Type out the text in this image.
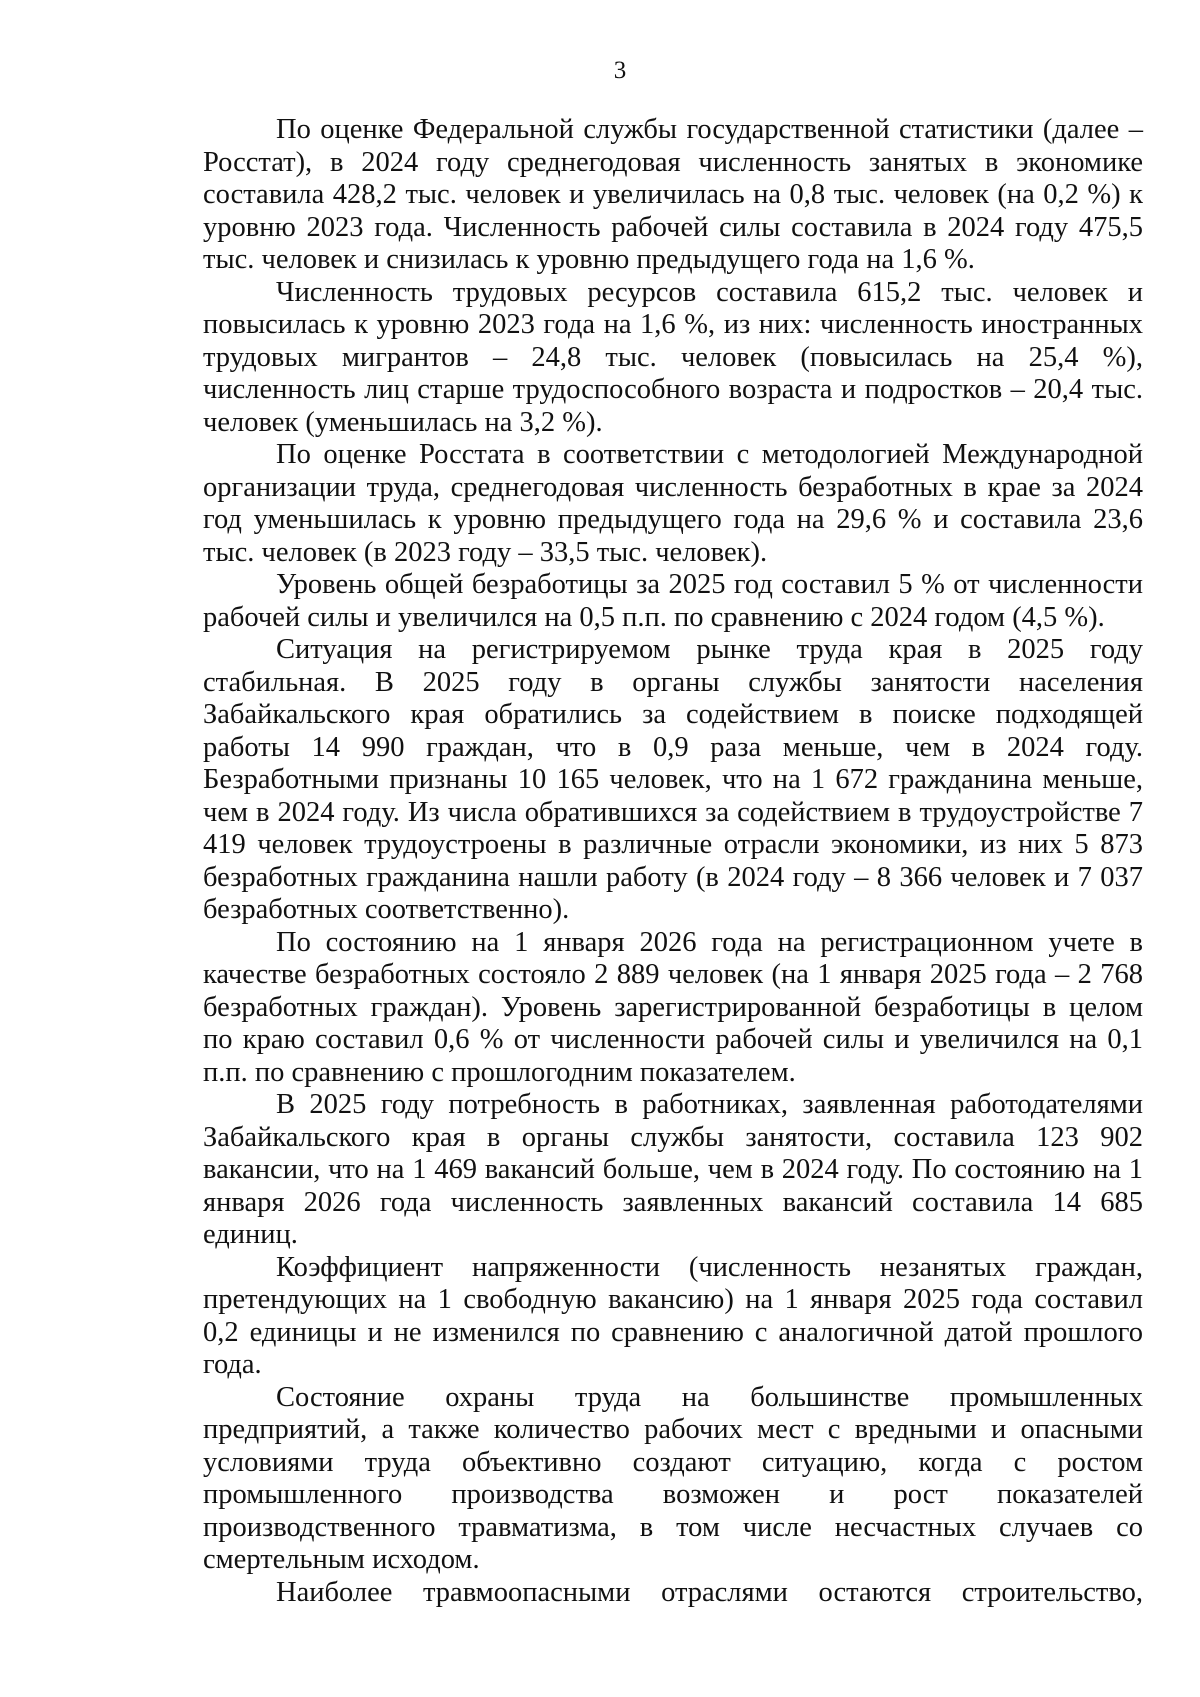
3

По оценке Федеральной службы государственной статистики (далее – Росстат), в 2024 году среднегодовая численность занятых в экономике составила 428,2 тыс. человек и увеличилась на 0,8 тыс. человек (на 0,2 %) к уровню 2023 года. Численность рабочей силы составила в 2024 году 475,5 тыс. человек и снизилась к уровню предыдущего года на 1,6 %.

Численность трудовых ресурсов составила 615,2 тыс. человек и повысилась к уровню 2023 года на 1,6 %, из них: численность иностранных трудовых мигрантов – 24,8 тыс. человек (повысилась на 25,4 %), численность лиц старше трудоспособного возраста и подростков – 20,4 тыс. человек (уменьшилась на 3,2 %).

По оценке Росстата в соответствии с методологией Международной организации труда, среднегодовая численность безработных в крае за 2024 год уменьшилась к уровню предыдущего года на 29,6 % и составила 23,6 тыс. человек (в 2023 году – 33,5 тыс. человек).

Уровень общей безработицы за 2025 год составил 5 % от численности рабочей силы и увеличился на 0,5 п.п. по сравнению с 2024 годом (4,5 %).

Ситуация на регистрируемом рынке труда края в 2025 году стабильная. В 2025 году в органы службы занятости населения Забайкальского края обратились за содействием в поиске подходящей работы 14 990 граждан, что в 0,9 раза меньше, чем в 2024 году. Безработными признаны 10 165 человек, что на 1 672 гражданина меньше, чем в 2024 году. Из числа обратившихся за содействием в трудоустройстве 7 419 человек трудоустроены в различные отрасли экономики, из них 5 873 безработных гражданина нашли работу (в 2024 году – 8 366 человек и 7 037 безработных соответственно).

По состоянию на 1 января 2026 года на регистрационном учете в качестве безработных состояло 2 889 человек (на 1 января 2025 года – 2 768 безработных граждан). Уровень зарегистрированной безработицы в целом по краю составил 0,6 % от численности рабочей силы и увеличился на 0,1 п.п. по сравнению с прошлогодним показателем.

В 2025 году потребность в работниках, заявленная работодателями Забайкальского края в органы службы занятости, составила 123 902 вакансии, что на 1 469 вакансий больше, чем в 2024 году. По состоянию на 1 января 2026 года численность заявленных вакансий составила 14 685 единиц.

Коэффициент напряженности (численность незанятых граждан, претендующих на 1 свободную вакансию) на 1 января 2025 года составил 0,2 единицы и не изменился по сравнению с аналогичной датой прошлого года.

Состояние охраны труда на большинстве промышленных предприятий, а также количество рабочих мест с вредными и опасными условиями труда объективно создают ситуацию, когда с ростом промышленного производства возможен и рост показателей производственного травматизма, в том числе несчастных случаев со смертельным исходом.

Наиболее травмоопасными отраслями остаются строительство,
